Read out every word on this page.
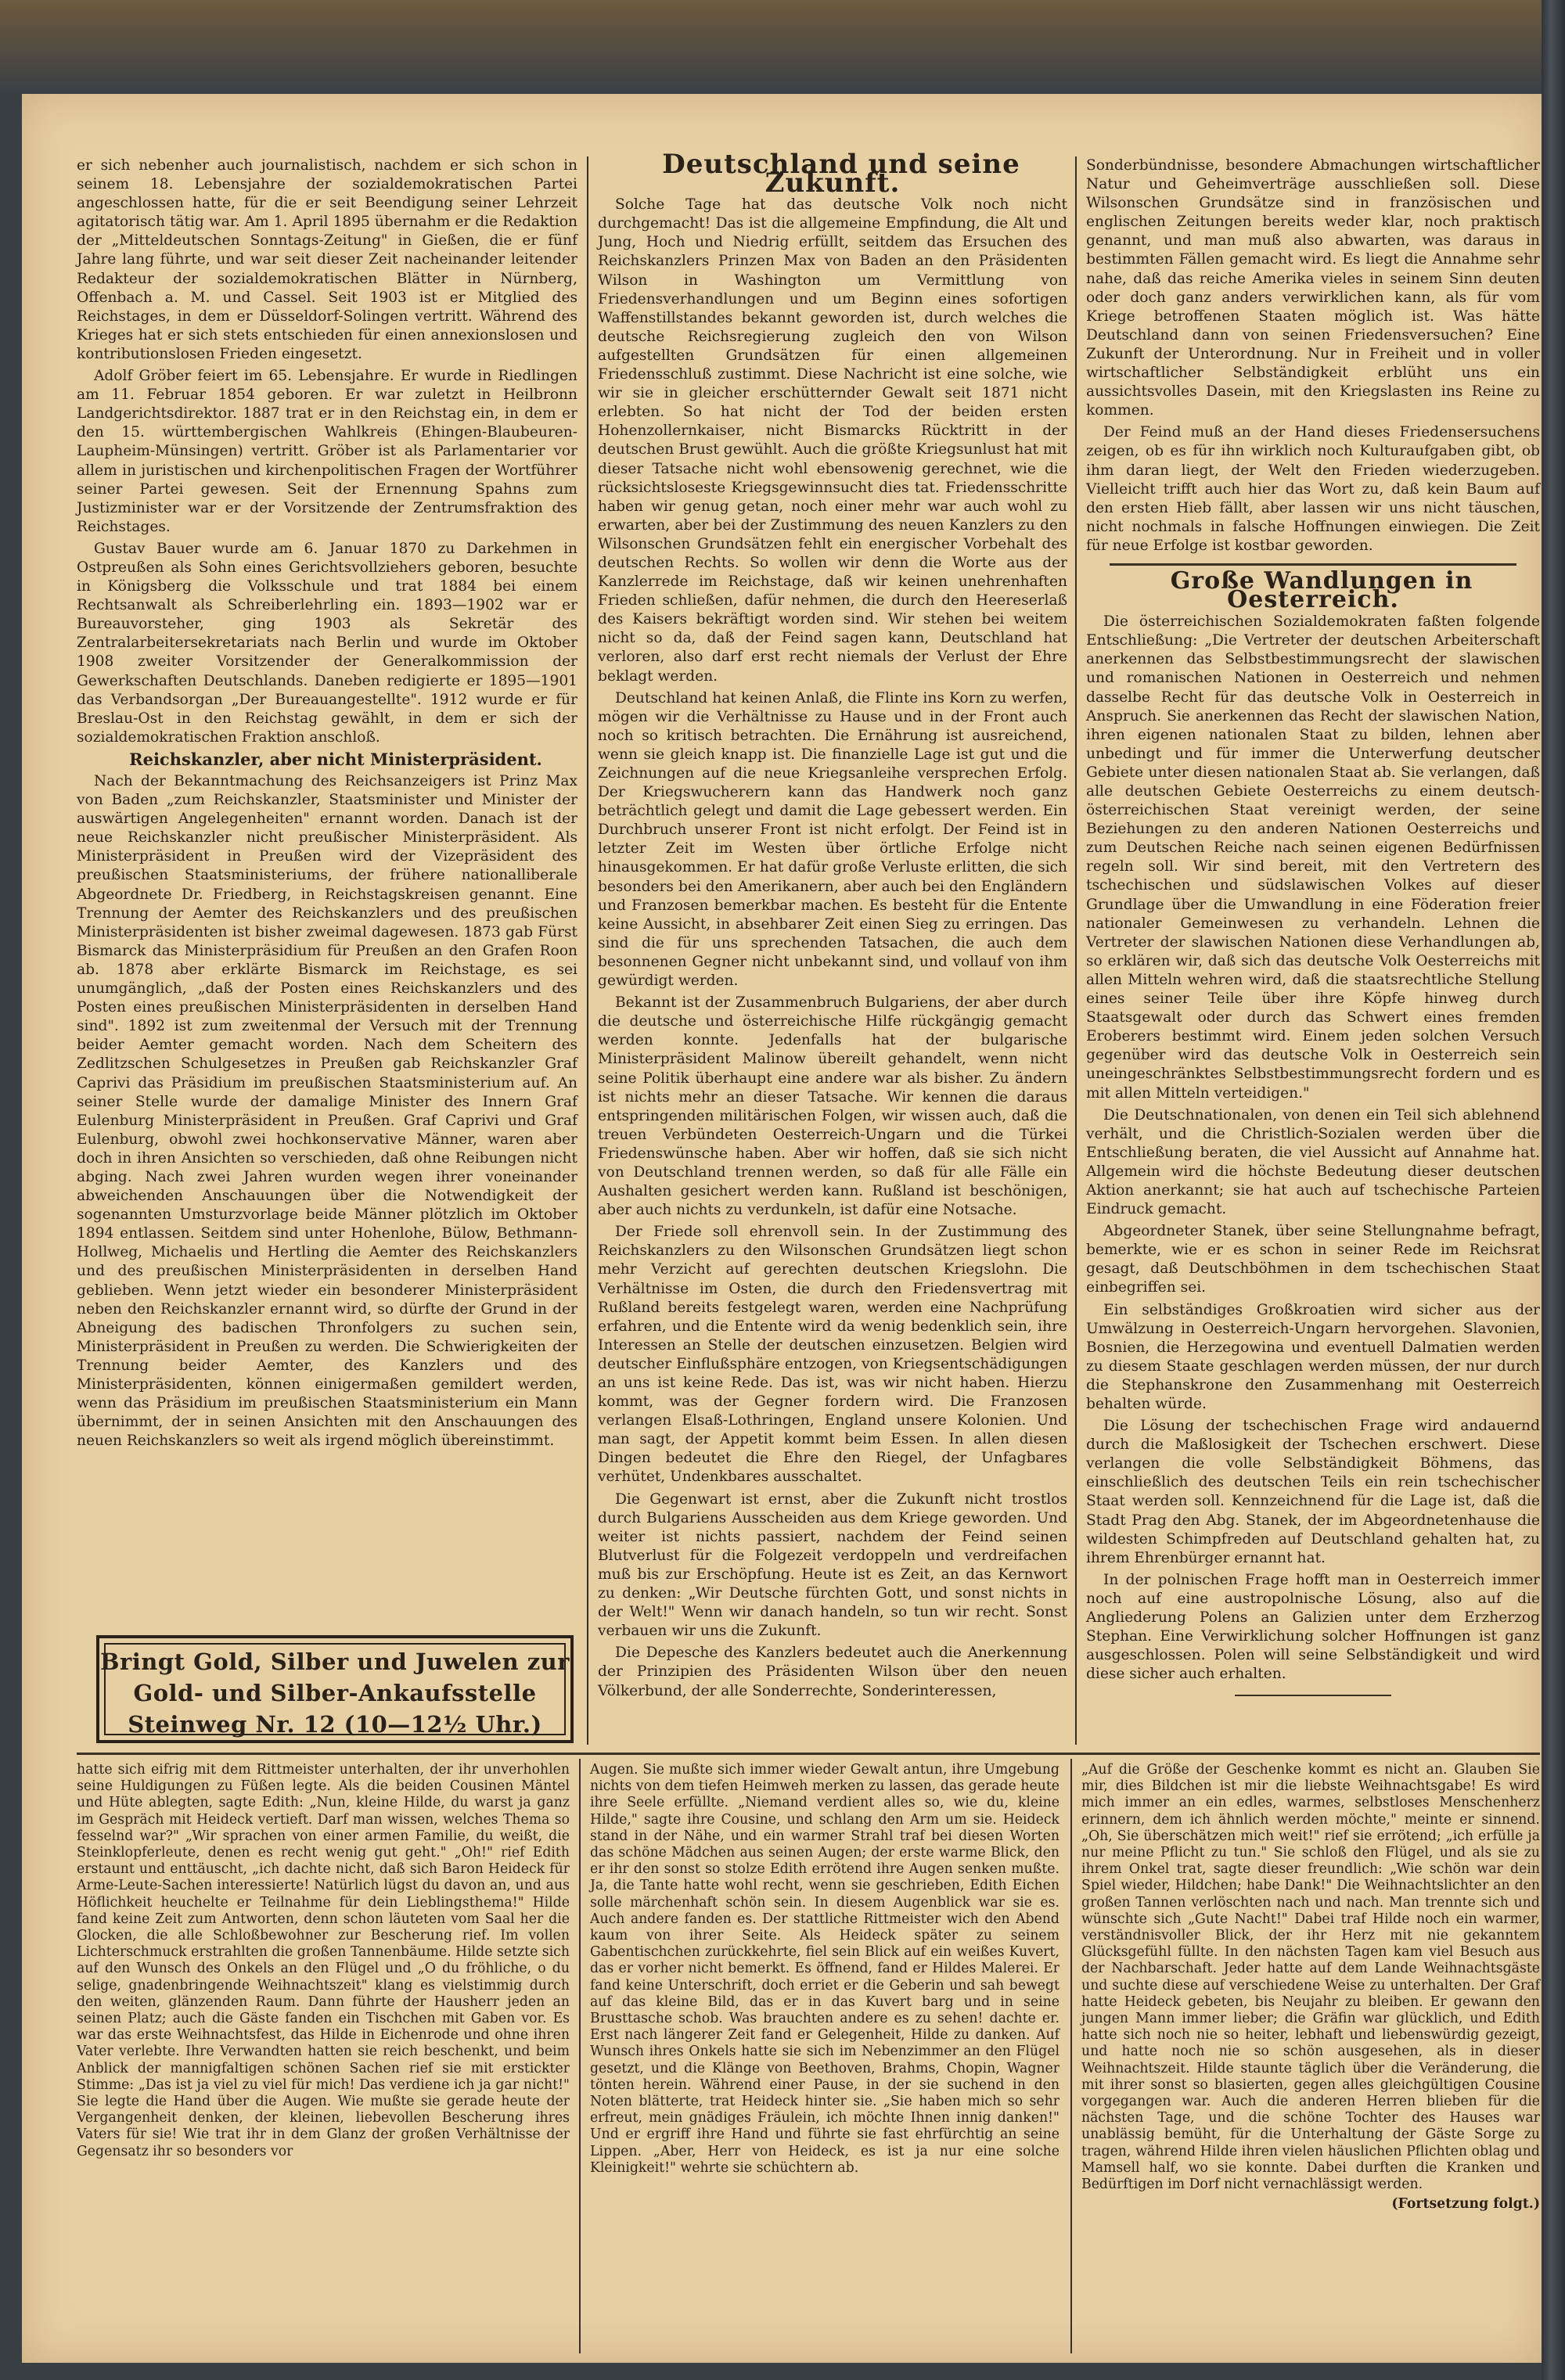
er sich nebenher auch journalistisch, nachdem er sich schon in seinem 18. Lebensjahre der sozialdemokratischen Partei angeschlossen hatte, für die er seit Beendigung seiner Lehrzeit agitatorisch tätig war. Am 1. April 1895 übernahm er die Redaktion der „Mitteldeutschen Sonntags-Zeitung" in Gießen, die er fünf Jahre lang führte, und war seit dieser Zeit nacheinander leitender Redakteur der sozialdemokratischen Blätter in Nürnberg, Offenbach a. M. und Cassel. Seit 1903 ist er Mitglied des Reichstages, in dem er Düsseldorf-Solingen vertritt. Während des Krieges hat er sich stets entschieden für einen annexionslosen und kontributionslosen Frieden eingesetzt.

Adolf Gröber feiert im 65. Lebensjahre. Er wurde in Riedlingen am 11. Februar 1854 geboren. Er war zuletzt in Heilbronn Landgerichtsdirektor. 1887 trat er in den Reichstag ein, in dem er den 15. württembergischen Wahlkreis (Ehingen-Blaubeuren-Laupheim-Münsingen) vertritt. Gröber ist als Parlamentarier vor allem in juristischen und kirchenpolitischen Fragen der Wortführer seiner Partei gewesen. Seit der Ernennung Spahns zum Justizminister war er der Vorsitzende der Zentrumsfraktion des Reichstages.

Gustav Bauer wurde am 6. Januar 1870 zu Darkehmen in Ostpreußen als Sohn eines Gerichtsvollziehers geboren, besuchte in Königsberg die Volksschule und trat 1884 bei einem Rechtsanwalt als Schreiberlehrling ein. 1893—1902 war er Bureauvorsteher, ging 1903 als Sekretär des Zentralarbeitersekretariats nach Berlin und wurde im Oktober 1908 zweiter Vorsitzender der Generalkommission der Gewerkschaften Deutschlands. Daneben redigierte er 1895—1901 das Verbandsorgan „Der Bureauangestellte". 1912 wurde er für Breslau-Ost in den Reichstag gewählt, in dem er sich der sozialdemokratischen Fraktion anschloß.

Reichskanzler, aber nicht Ministerpräsident.

Nach der Bekanntmachung des Reichsanzeigers ist Prinz Max von Baden „zum Reichskanzler, Staatsminister und Minister der auswärtigen Angelegenheiten" ernannt worden. Danach ist der neue Reichskanzler nicht preußischer Ministerpräsident. Als Ministerpräsident in Preußen wird der Vizepräsident des preußischen Staatsministeriums, der frühere nationalliberale Abgeordnete Dr. Friedberg, in Reichstagskreisen genannt. Eine Trennung der Aemter des Reichskanzlers und des preußischen Ministerpräsidenten ist bisher zweimal dagewesen. 1873 gab Fürst Bismarck das Ministerpräsidium für Preußen an den Grafen Roon ab. 1878 aber erklärte Bismarck im Reichstage, es sei unumgänglich, „daß der Posten eines Reichskanzlers und des Posten eines preußischen Ministerpräsidenten in derselben Hand sind". 1892 ist zum zweitenmal der Versuch mit der Trennung beider Aemter gemacht worden. Nach dem Scheitern des Zedlitzschen Schulgesetzes in Preußen gab Reichskanzler Graf Caprivi das Präsidium im preußischen Staatsministerium auf. An seiner Stelle wurde der damalige Minister des Innern Graf Eulenburg Ministerpräsident in Preußen. Graf Caprivi und Graf Eulenburg, obwohl zwei hochkonservative Männer, waren aber doch in ihren Ansichten so verschieden, daß ohne Reibungen nicht abging. Nach zwei Jahren wurden wegen ihrer voneinander abweichenden Anschauungen über die Notwendigkeit der sogenannten Umsturzvorlage beide Männer plötzlich im Oktober 1894 entlassen. Seitdem sind unter Hohenlohe, Bülow, Bethmann-Hollweg, Michaelis und Hertling die Aemter des Reichskanzlers und des preußischen Ministerpräsidenten in derselben Hand geblieben. Wenn jetzt wieder ein besonderer Ministerpräsident neben den Reichskanzler ernannt wird, so dürfte der Grund in der Abneigung des badischen Thronfolgers zu suchen sein, Ministerpräsident in Preußen zu werden. Die Schwierigkeiten der Trennung beider Aemter, des Kanzlers und des Ministerpräsidenten, können einigermaßen gemildert werden, wenn das Präsidium im preußischen Staatsministerium ein Mann übernimmt, der in seinen Ansichten mit den Anschauungen des neuen Reichskanzlers so weit als irgend möglich übereinstimmt.

Bringt Gold, Silber und Juwelen zur
Gold- und Silber-Ankaufsstelle
Steinweg Nr. 12 (10—12½ Uhr.)

Deutschland und seine Zukunft.

Solche Tage hat das deutsche Volk noch nicht durchgemacht! Das ist die allgemeine Empfindung, die Alt und Jung, Hoch und Niedrig erfüllt, seitdem das Ersuchen des Reichskanzlers Prinzen Max von Baden an den Präsidenten Wilson in Washington um Vermittlung von Friedensverhandlungen und um Beginn eines sofortigen Waffenstillstandes bekannt geworden ist, durch welches die deutsche Reichsregierung zugleich den von Wilson aufgestellten Grundsätzen für einen allgemeinen Friedensschluß zustimmt. Diese Nachricht ist eine solche, wie wir sie in gleicher erschütternder Gewalt seit 1871 nicht erlebten. So hat nicht der Tod der beiden ersten Hohenzollernkaiser, nicht Bismarcks Rücktritt in der deutschen Brust gewühlt. Auch die größte Kriegsunlust hat mit dieser Tatsache nicht wohl ebensowenig gerechnet, wie die rücksichtsloseste Kriegsgewinnsucht dies tat. Friedensschritte haben wir genug getan, noch einer mehr war auch wohl zu erwarten, aber bei der Zustimmung des neuen Kanzlers zu den Wilsonschen Grundsätzen fehlt ein energischer Vorbehalt des deutschen Rechts. So wollen wir denn die Worte aus der Kanzlerrede im Reichstage, daß wir keinen unehrenhaften Frieden schließen, dafür nehmen, die durch den Heereserlaß des Kaisers bekräftigt worden sind. Wir stehen bei weitem nicht so da, daß der Feind sagen kann, Deutschland hat verloren, also darf erst recht niemals der Verlust der Ehre beklagt werden.

Deutschland hat keinen Anlaß, die Flinte ins Korn zu werfen, mögen wir die Verhältnisse zu Hause und in der Front auch noch so kritisch betrachten. Die Ernährung ist ausreichend, wenn sie gleich knapp ist. Die finanzielle Lage ist gut und die Zeichnungen auf die neue Kriegsanleihe versprechen Erfolg. Der Kriegswucherern kann das Handwerk noch ganz beträchtlich gelegt und damit die Lage gebessert werden. Ein Durchbruch unserer Front ist nicht erfolgt. Der Feind ist in letzter Zeit im Westen über örtliche Erfolge nicht hinausgekommen. Er hat dafür große Verluste erlitten, die sich besonders bei den Amerikanern, aber auch bei den Engländern und Franzosen bemerkbar machen. Es besteht für die Entente keine Aussicht, in absehbarer Zeit einen Sieg zu erringen. Das sind die für uns sprechenden Tatsachen, die auch dem besonnenen Gegner nicht unbekannt sind, und vollauf von ihm gewürdigt werden.

Bekannt ist der Zusammenbruch Bulgariens, der aber durch die deutsche und österreichische Hilfe rückgängig gemacht werden konnte. Jedenfalls hat der bulgarische Ministerpräsident Malinow übereilt gehandelt, wenn nicht seine Politik überhaupt eine andere war als bisher. Zu ändern ist nichts mehr an dieser Tatsache. Wir kennen die daraus entspringenden militärischen Folgen, wir wissen auch, daß die treuen Verbündeten Oesterreich-Ungarn und die Türkei Friedenswünsche haben. Aber wir hoffen, daß sie sich nicht von Deutschland trennen werden, so daß für alle Fälle ein Aushalten gesichert werden kann. Rußland ist beschönigen, aber auch nichts zu verdunkeln, ist dafür eine Notsache.

Der Friede soll ehrenvoll sein. In der Zustimmung des Reichskanzlers zu den Wilsonschen Grundsätzen liegt schon mehr Verzicht auf gerechten deutschen Kriegslohn. Die Verhältnisse im Osten, die durch den Friedensvertrag mit Rußland bereits festgelegt waren, werden eine Nachprüfung erfahren, und die Entente wird da wenig bedenklich sein, ihre Interessen an Stelle der deutschen einzusetzen. Belgien wird deutscher Einflußsphäre entzogen, von Kriegsentschädigungen an uns ist keine Rede. Das ist, was wir nicht haben. Hierzu kommt, was der Gegner fordern wird. Die Franzosen verlangen Elsaß-Lothringen, England unsere Kolonien. Und man sagt, der Appetit kommt beim Essen. In allen diesen Dingen bedeutet die Ehre den Riegel, der Unfagbares verhütet, Undenkbares ausschaltet.

Die Gegenwart ist ernst, aber die Zukunft nicht trostlos durch Bulgariens Ausscheiden aus dem Kriege geworden. Und weiter ist nichts passiert, nachdem der Feind seinen Blutverlust für die Folgezeit verdoppeln und verdreifachen muß bis zur Erschöpfung. Heute ist es Zeit, an das Kernwort zu denken: „Wir Deutsche fürchten Gott, und sonst nichts in der Welt!" Wenn wir danach handeln, so tun wir recht. Sonst verbauen wir uns die Zukunft.

Die Depesche des Kanzlers bedeutet auch die Anerkennung der Prinzipien des Präsidenten Wilson über den neuen Völkerbund, der alle Sonderrechte, Sonderinteressen,

Sonderbündnisse, besondere Abmachungen wirtschaftlicher Natur und Geheimverträge ausschließen soll. Diese Wilsonschen Grundsätze sind in französischen und englischen Zeitungen bereits weder klar, noch praktisch genannt, und man muß also abwarten, was daraus in bestimmten Fällen gemacht wird. Es liegt die Annahme sehr nahe, daß das reiche Amerika vieles in seinem Sinn deuten oder doch ganz anders verwirklichen kann, als für vom Kriege betroffenen Staaten möglich ist. Was hätte Deutschland dann von seinen Friedensversuchen? Eine Zukunft der Unterordnung. Nur in Freiheit und in voller wirtschaftlicher Selbständigkeit erblüht uns ein aussichtsvolles Dasein, mit den Kriegslasten ins Reine zu kommen.

Der Feind muß an der Hand dieses Friedensersuchens zeigen, ob es für ihn wirklich noch Kulturaufgaben gibt, ob ihm daran liegt, der Welt den Frieden wiederzugeben. Vielleicht trifft auch hier das Wort zu, daß kein Baum auf den ersten Hieb fällt, aber lassen wir uns nicht täuschen, nicht nochmals in falsche Hoffnungen einwiegen. Die Zeit für neue Erfolge ist kostbar geworden.

Große Wandlungen in Oesterreich.

Die österreichischen Sozialdemokraten faßten folgende Entschließung: „Die Vertreter der deutschen Arbeiterschaft anerkennen das Selbstbestimmungsrecht der slawischen und romanischen Nationen in Oesterreich und nehmen dasselbe Recht für das deutsche Volk in Oesterreich in Anspruch. Sie anerkennen das Recht der slawischen Nation, ihren eigenen nationalen Staat zu bilden, lehnen aber unbedingt und für immer die Unterwerfung deutscher Gebiete unter diesen nationalen Staat ab. Sie verlangen, daß alle deutschen Gebiete Oesterreichs zu einem deutsch-österreichischen Staat vereinigt werden, der seine Beziehungen zu den anderen Nationen Oesterreichs und zum Deutschen Reiche nach seinen eigenen Bedürfnissen regeln soll. Wir sind bereit, mit den Vertretern des tschechischen und südslawischen Volkes auf dieser Grundlage über die Umwandlung in eine Föderation freier nationaler Gemeinwesen zu verhandeln. Lehnen die Vertreter der slawischen Nationen diese Verhandlungen ab, so erklären wir, daß sich das deutsche Volk Oesterreichs mit allen Mitteln wehren wird, daß die staatsrechtliche Stellung eines seiner Teile über ihre Köpfe hinweg durch Staatsgewalt oder durch das Schwert eines fremden Eroberers bestimmt wird. Einem jeden solchen Versuch gegenüber wird das deutsche Volk in Oesterreich sein uneingeschränktes Selbstbestimmungsrecht fordern und es mit allen Mitteln verteidigen."

Die Deutschnationalen, von denen ein Teil sich ablehnend verhält, und die Christlich-Sozialen werden über die Entschließung beraten, die viel Aussicht auf Annahme hat. Allgemein wird die höchste Bedeutung dieser deutschen Aktion anerkannt; sie hat auch auf tschechische Parteien Eindruck gemacht.

Abgeordneter Stanek, über seine Stellungnahme befragt, bemerkte, wie er es schon in seiner Rede im Reichsrat gesagt, daß Deutschböhmen in dem tschechischen Staat einbegriffen sei.

Ein selbständiges Großkroatien wird sicher aus der Umwälzung in Oesterreich-Ungarn hervorgehen. Slavonien, Bosnien, die Herzegowina und eventuell Dalmatien werden zu diesem Staate geschlagen werden müssen, der nur durch die Stephanskrone den Zusammenhang mit Oesterreich behalten würde.

Die Lösung der tschechischen Frage wird andauernd durch die Maßlosigkeit der Tschechen erschwert. Diese verlangen die volle Selbständigkeit Böhmens, das einschließlich des deutschen Teils ein rein tschechischer Staat werden soll. Kennzeichnend für die Lage ist, daß die Stadt Prag den Abg. Stanek, der im Abgeordnetenhause die wildesten Schimpfreden auf Deutschland gehalten hat, zu ihrem Ehrenbürger ernannt hat.

In der polnischen Frage hofft man in Oesterreich immer noch auf eine austropolnische Lösung, also auf die Angliederung Polens an Galizien unter dem Erzherzog Stephan. Eine Verwirklichung solcher Hoffnungen ist ganz ausgeschlossen. Polen will seine Selbständigkeit und wird diese sicher auch erhalten.

hatte sich eifrig mit dem Rittmeister unterhalten, der ihr unverhohlen seine Huldigungen zu Füßen legte. Als die beiden Cousinen Mäntel und Hüte ablegten, sagte Edith: „Nun, kleine Hilde, du warst ja ganz im Gespräch mit Heideck vertieft. Darf man wissen, welches Thema so fesselnd war?" „Wir sprachen von einer armen Familie, du weißt, die Steinklopferleute, denen es recht wenig gut geht." „Oh!" rief Edith erstaunt und enttäuscht, „ich dachte nicht, daß sich Baron Heideck für Arme-Leute-Sachen interessierte! Natürlich lügst du davon an, und aus Höflichkeit heuchelte er Teilnahme für dein Lieblingsthema!" Hilde fand keine Zeit zum Antworten, denn schon läuteten vom Saal her die Glocken, die alle Schloßbewohner zur Bescherung rief. Im vollen Lichterschmuck erstrahlten die großen Tannenbäume. Hilde setzte sich auf den Wunsch des Onkels an den Flügel und „O du fröhliche, o du selige, gnadenbringende Weihnachtszeit" klang es vielstimmig durch den weiten, glänzenden Raum. Dann führte der Hausherr jeden an seinen Platz; auch die Gäste fanden ein Tischchen mit Gaben vor. Es war das erste Weihnachtsfest, das Hilde in Eichenrode und ohne ihren Vater verlebte. Ihre Verwandten hatten sie reich beschenkt, und beim Anblick der mannigfaltigen schönen Sachen rief sie mit erstickter Stimme: „Das ist ja viel zu viel für mich! Das verdiene ich ja gar nicht!" Sie legte die Hand über die Augen. Wie mußte sie gerade heute der Vergangenheit denken, der kleinen, liebevollen Bescherung ihres Vaters für sie! Wie trat ihr in dem Glanz der großen Verhältnisse der Gegensatz ihr so besonders vor

Augen. Sie mußte sich immer wieder Gewalt antun, ihre Umgebung nichts von dem tiefen Heimweh merken zu lassen, das gerade heute ihre Seele erfüllte. „Niemand verdient alles so, wie du, kleine Hilde," sagte ihre Cousine, und schlang den Arm um sie. Heideck stand in der Nähe, und ein warmer Strahl traf bei diesen Worten das schöne Mädchen aus seinen Augen; der erste warme Blick, den er ihr den sonst so stolze Edith errötend ihre Augen senken mußte. Ja, die Tante hatte wohl recht, wenn sie geschrieben, Edith Eichen solle märchenhaft schön sein. In diesem Augenblick war sie es. Auch andere fanden es. Der stattliche Rittmeister wich den Abend kaum von ihrer Seite. Als Heideck später zu seinem Gabentischchen zurückkehrte, fiel sein Blick auf ein weißes Kuvert, das er vorher nicht bemerkt. Es öffnend, fand er Hildes Malerei. Er fand keine Unterschrift, doch erriet er die Geberin und sah bewegt auf das kleine Bild, das er in das Kuvert barg und in seine Brusttasche schob. Was brauchten andere es zu sehen! dachte er. Erst nach längerer Zeit fand er Gelegenheit, Hilde zu danken. Auf Wunsch ihres Onkels hatte sie sich im Nebenzimmer an den Flügel gesetzt, und die Klänge von Beethoven, Brahms, Chopin, Wagner tönten herein. Während einer Pause, in der sie suchend in den Noten blätterte, trat Heideck hinter sie. „Sie haben mich so sehr erfreut, mein gnädiges Fräulein, ich möchte Ihnen innig danken!" Und er ergriff ihre Hand und führte sie fast ehrfürchtig an seine Lippen. „Aber, Herr von Heideck, es ist ja nur eine solche Kleinigkeit!" wehrte sie schüchtern ab.

„Auf die Größe der Geschenke kommt es nicht an. Glauben Sie mir, dies Bildchen ist mir die liebste Weihnachtsgabe! Es wird mich immer an ein edles, warmes, selbstloses Menschenherz erinnern, dem ich ähnlich werden möchte," meinte er sinnend. „Oh, Sie überschätzen mich weit!" rief sie errötend; „ich erfülle ja nur meine Pflicht zu tun." Sie schloß den Flügel, und als sie zu ihrem Onkel trat, sagte dieser freundlich: „Wie schön war dein Spiel wieder, Hildchen; habe Dank!" Die Weihnachtslichter an den großen Tannen verlöschten nach und nach. Man trennte sich und wünschte sich „Gute Nacht!" Dabei traf Hilde noch ein warmer, verständnisvoller Blick, der ihr Herz mit nie gekanntem Glücksgefühl füllte. In den nächsten Tagen kam viel Besuch aus der Nachbarschaft. Jeder hatte auf dem Lande Weihnachtsgäste und suchte diese auf verschiedene Weise zu unterhalten. Der Graf hatte Heideck gebeten, bis Neujahr zu bleiben. Er gewann den jungen Mann immer lieber; die Gräfin war glücklich, und Edith hatte sich noch nie so heiter, lebhaft und liebenswürdig gezeigt, und hatte noch nie so schön ausgesehen, als in dieser Weihnachtszeit. Hilde staunte täglich über die Veränderung, die mit ihrer sonst so blasierten, gegen alles gleichgültigen Cousine vorgegangen war. Auch die anderen Herren blieben für die nächsten Tage, und die schöne Tochter des Hauses war unablässig bemüht, für die Unterhaltung der Gäste Sorge zu tragen, während Hilde ihren vielen häuslichen Pflichten oblag und Mamsell half, wo sie konnte. Dabei durften die Kranken und Bedürftigen im Dorf nicht vernachlässigt werden.

(Fortsetzung folgt.)
